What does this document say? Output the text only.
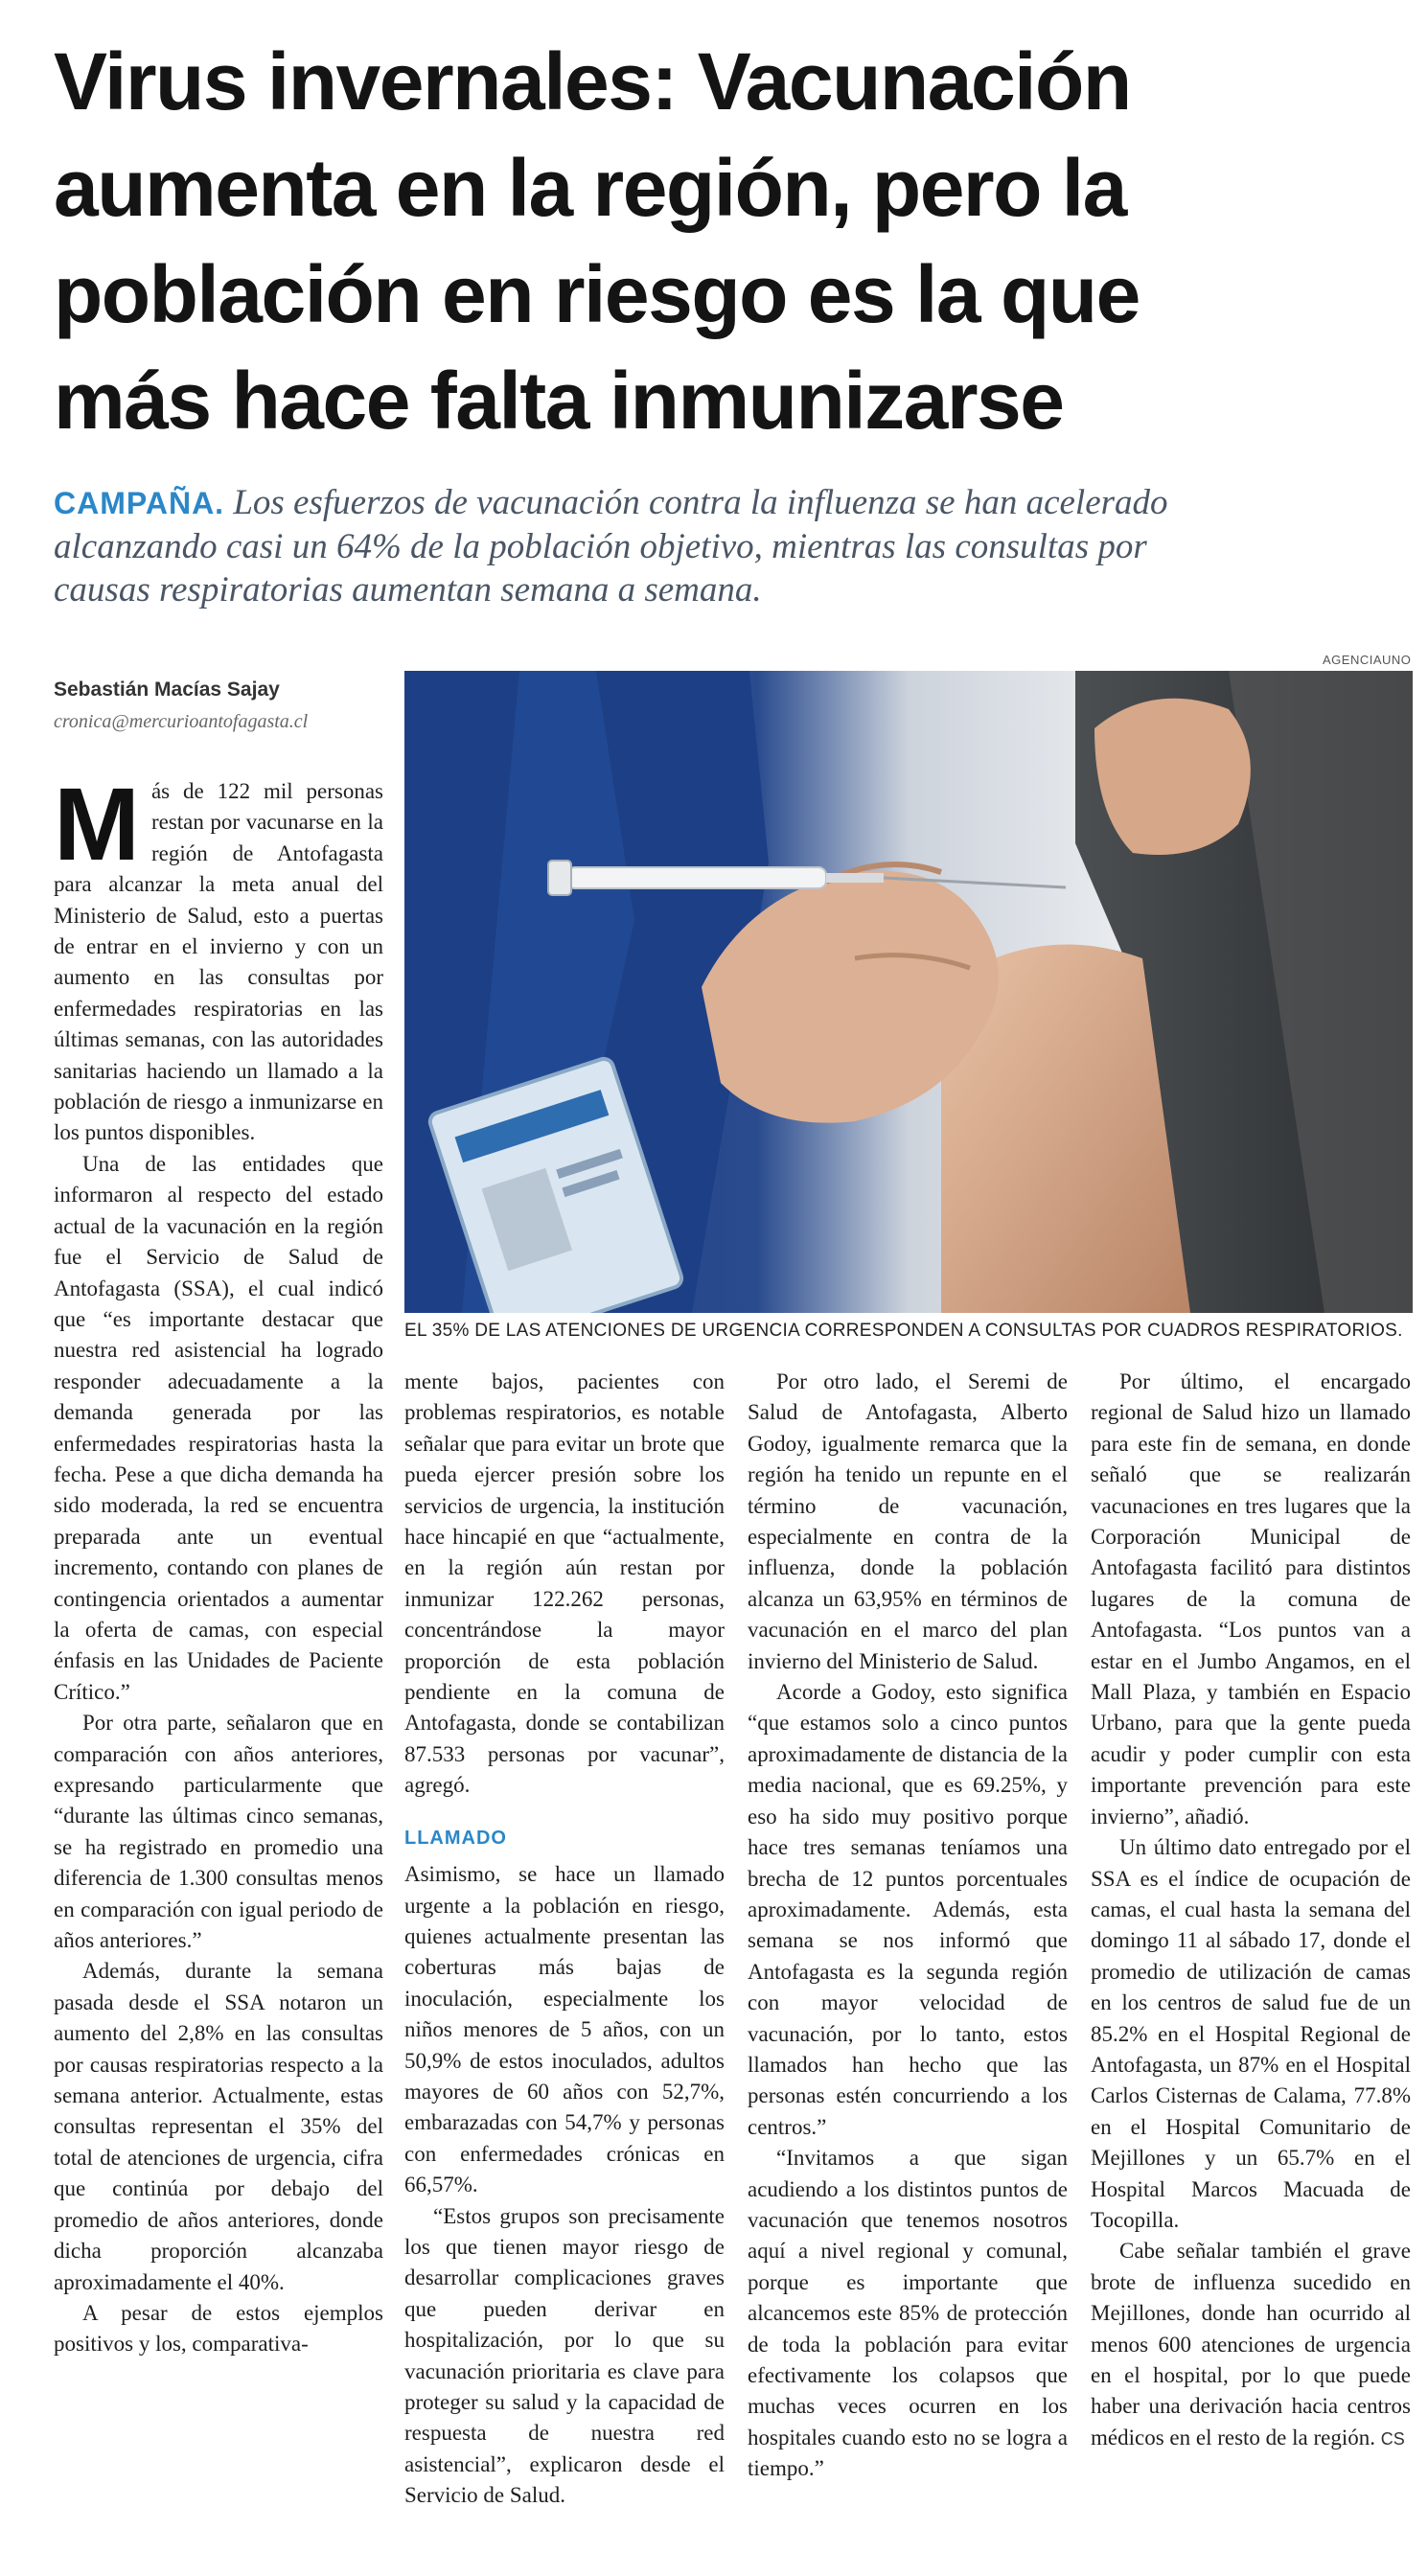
Virus invernales: Vacunación
aumenta en la región, pero la
población en riesgo es la que
más hace falta inmunizarse
CAMPAÑA. Los esfuerzos de vacunación contra la influenza se han acelerado
alcanzando casi un 64% de la población objetivo, mientras las consultas por
causas respiratorias aumentan semana a semana.
Sebastián Macías Sajay
cronica@mercurioantofagasta.cl
AGENCIAUNO
EL 35% DE LAS ATENCIONES DE URGENCIA CORRESPONDEN A CONSULTAS POR CUADROS RESPIRATORIOS.

Más de 122 mil personas restan por vacunarse en la región de Antofagasta para alcanzar la meta anual del Ministerio de Salud, esto a puertas de entrar en el invierno y con un aumento en las consultas por enfermedades respiratorias en las últimas semanas, con las autoridades sanitarias haciendo un llamado a la población de riesgo a inmunizarse en los puntos disponibles.

Una de las entidades que informaron al respecto del estado actual de la vacunación en la región fue el Servicio de Salud de Antofagasta (SSA), el cual indicó que “es importante destacar que nuestra red asistencial ha logrado responder adecuadamente a la demanda generada por las enfermedades respiratorias hasta la fecha. Pese a que dicha demanda ha sido moderada, la red se encuentra preparada ante un eventual incremento, contando con planes de contingencia orientados a aumentar la oferta de camas, con especial énfasis en las Unidades de Paciente Crítico.”

Por otra parte, señalaron que en comparación con años anteriores, expresando particularmente que “durante las últimas cinco semanas, se ha registrado en promedio una diferencia de 1.300 consultas menos en comparación con igual periodo de años anteriores.”

Además, durante la semana pasada desde el SSA notaron un aumento del 2,8% en las consultas por causas respiratorias respecto a la semana anterior. Actualmente, estas consultas representan el 35% del total de atenciones de urgencia, cifra que continúa por debajo del promedio de años anteriores, donde dicha proporción alcanzaba aproximadamente el 40%.

A pesar de estos ejemplos positivos y los, comparativa-

mente bajos, pacientes con problemas respiratorios, es notable señalar que para evitar un brote que pueda ejercer presión sobre los servicios de urgencia, la institución hace hincapié en que “actualmente, en la región aún restan por inmunizar 122.262 personas, concentrándose la mayor proporción de esta población pendiente en la comuna de Antofagasta, donde se contabilizan 87.533 personas por vacunar”, agregó.

LLAMADO

Asimismo, se hace un llamado urgente a la población en riesgo, quienes actualmente presentan las coberturas más bajas de inoculación, especialmente los niños menores de 5 años, con un 50,9% de estos inoculados, adultos mayores de 60 años con 52,7%, embarazadas con 54,7% y personas con enfermedades crónicas en 66,57%.

“Estos grupos son precisamente los que tienen mayor riesgo de desarrollar complicaciones graves que pueden derivar en hospitalización, por lo que su vacunación prioritaria es clave para proteger su salud y la capacidad de respuesta de nuestra red asistencial”, explicaron desde el Servicio de Salud.

Por otro lado, el Seremi de Salud de Antofagasta, Alberto Godoy, igualmente remarca que la región ha tenido un repunte en el término de vacunación, especialmente en contra de la influenza, donde la población alcanza un 63,95% en términos de vacunación en el marco del plan invierno del Ministerio de Salud.

Acorde a Godoy, esto significa “que estamos solo a cinco puntos aproximadamente de distancia de la media nacional, que es 69.25%, y eso ha sido muy positivo porque hace tres semanas teníamos una brecha de 12 puntos porcentuales aproximadamente. Además, esta semana se nos informó que Antofagasta es la segunda región con mayor velocidad de vacunación, por lo tanto, estos llamados han hecho que las personas estén concurriendo a los centros.”

“Invitamos a que sigan acudiendo a los distintos puntos de vacunación que tenemos nosotros aquí a nivel regional y comunal, porque es importante que alcancemos este 85% de protección de toda la población para evitar efectivamente los colapsos que muchas veces ocurren en los hospitales cuando esto no se logra a tiempo.”

Por último, el encargado regional de Salud hizo un llamado para este fin de semana, en donde señaló que se realizarán vacunaciones en tres lugares que la Corporación Municipal de Antofagasta facilitó para distintos lugares de la comuna de Antofagasta. “Los puntos van a estar en el Jumbo Angamos, en el Mall Plaza, y también en Espacio Urbano, para que la gente pueda acudir y poder cumplir con esta importante prevención para este invierno”, añadió.

Un último dato entregado por el SSA es el índice de ocupación de camas, el cual hasta la semana del domingo 11 al sábado 17, donde el promedio de utilización de camas en los centros de salud fue de un 85.2% en el Hospital Regional de Antofagasta, un 87% en el Hospital Carlos Cisternas de Calama, 77.8% en el Hospital Comunitario de Mejillones y un 65.7% en el Hospital Marcos Macuada de Tocopilla.

Cabe señalar también el grave brote de influenza sucedido en Mejillones, donde han ocurrido al menos 600 atenciones de urgencia en el hospital, por lo que puede haber una derivación hacia centros médicos en el resto de la región. CS
